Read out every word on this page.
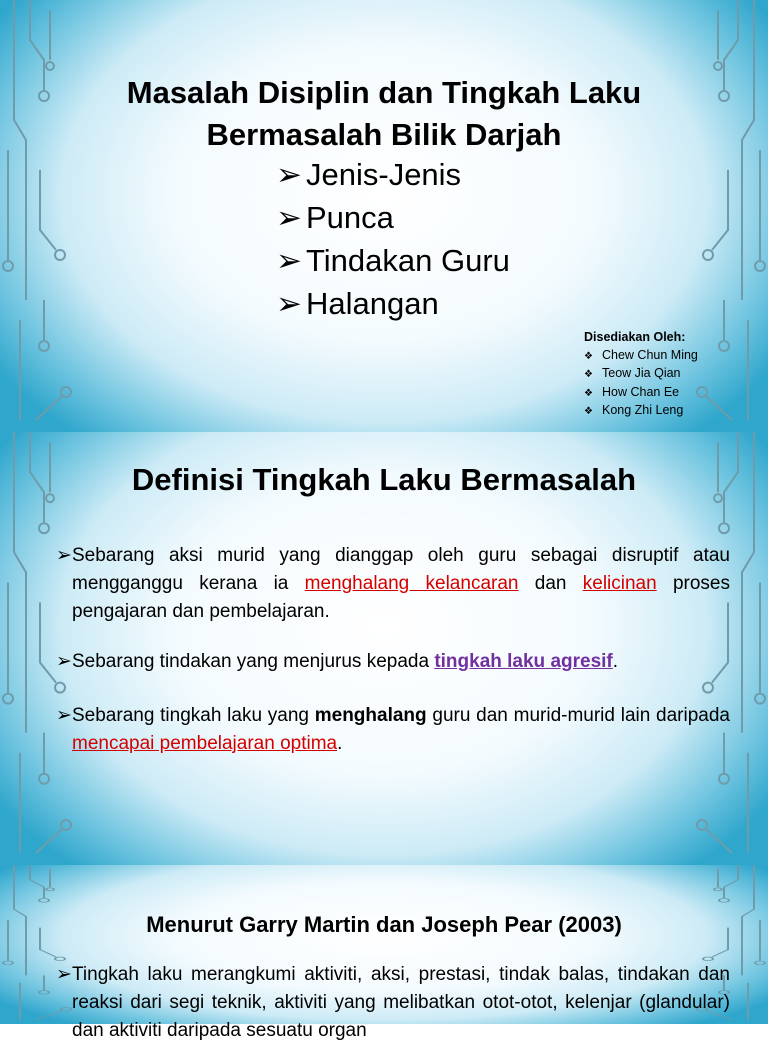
Masalah Disiplin dan Tingkah Laku
Bermasalah Bilik Darjah
➢ Jenis-Jenis
➢ Punca
➢ Tindakan Guru
➢ Halangan
Disediakan Oleh:
❖ Chew Chun Ming
❖ Teow Jia Qian
❖ How Chan Ee
❖ Kong Zhi Leng
Definisi Tingkah Laku Bermasalah
➢ Sebarang aksi murid yang dianggap oleh guru sebagai disruptif atau mengganggu kerana ia menghalang kelancaran dan kelicinan proses pengajaran dan pembelajaran.
➢ Sebarang tindakan yang menjurus kepada tingkah laku agresif.
➢ Sebarang tingkah laku yang menghalang guru dan murid-murid lain daripada mencapai pembelajaran optima.
Menurut Garry Martin dan Joseph Pear (2003)
➢ Tingkah laku merangkumi aktiviti, aksi, prestasi, tindak balas, tindakan dan reaksi dari segi teknik, aktiviti yang melibatkan otot-otot, kelenjar (glandular) dan aktiviti daripada sesuatu organ
